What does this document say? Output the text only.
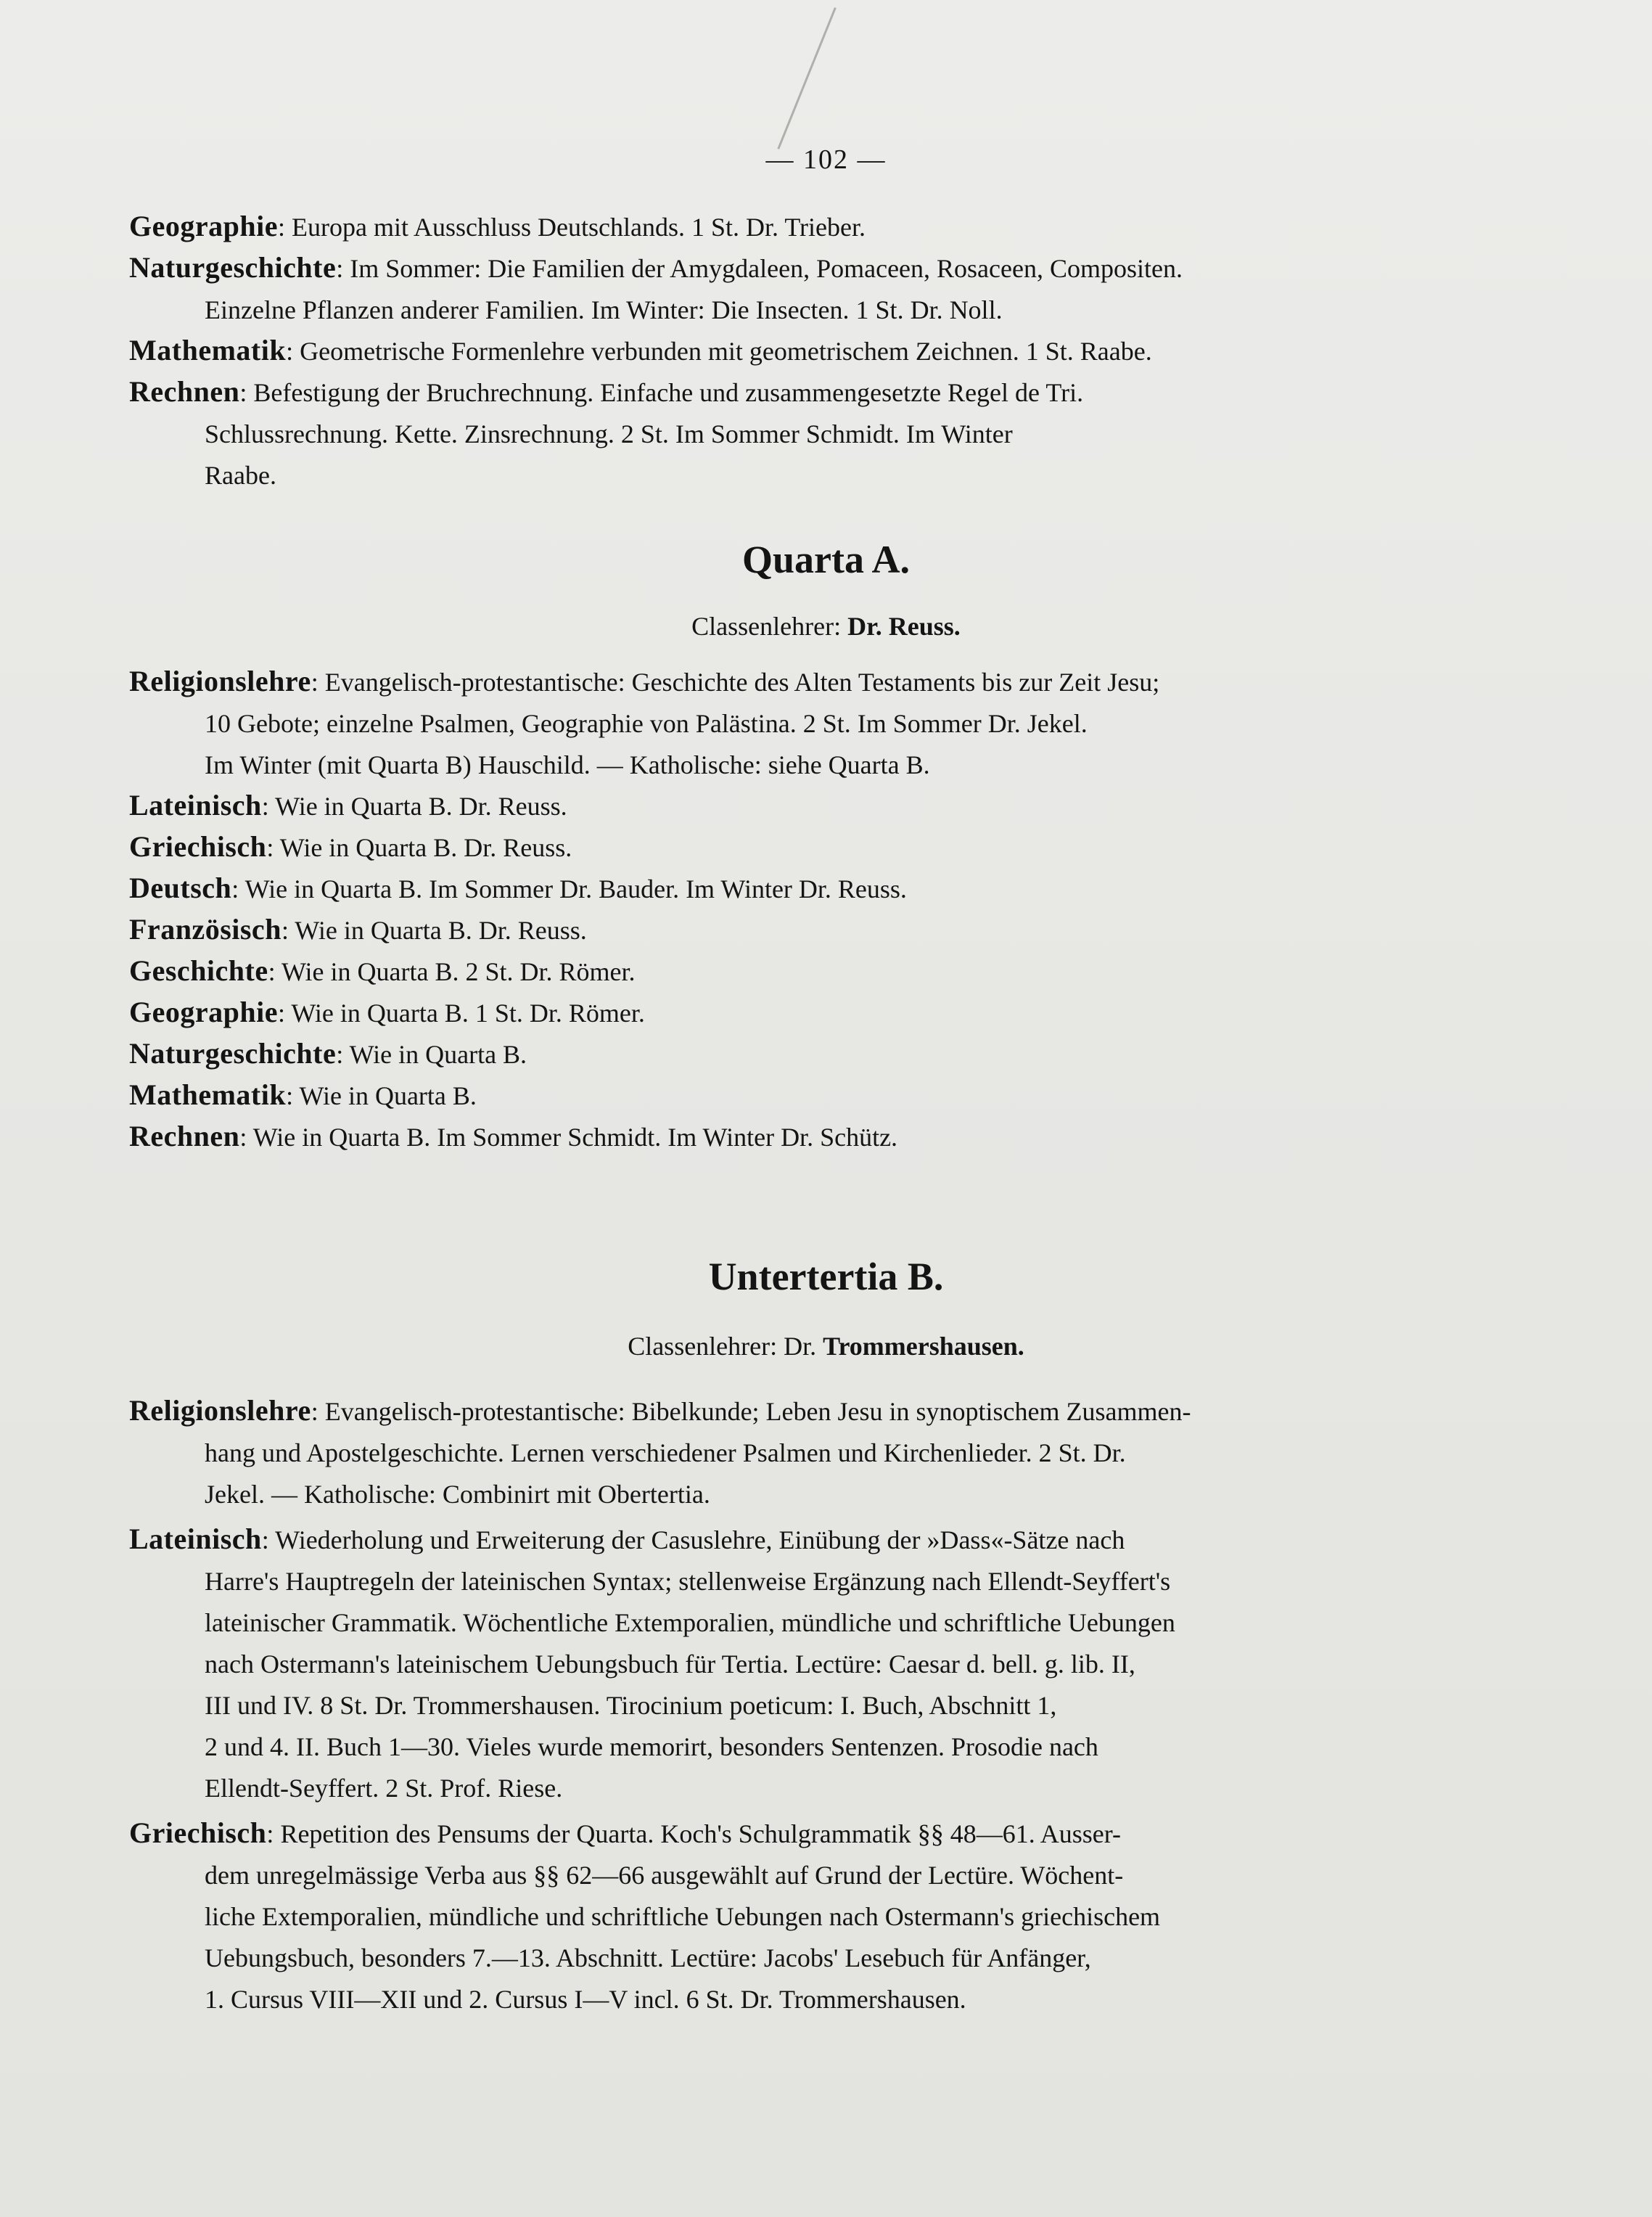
— 102 —
Geographie: Europa mit Ausschluss Deutschlands. 1 St. Dr. Trieber.
Naturgeschichte: Im Sommer: Die Familien der Amygdaleen, Pomaceen, Rosaceen, Compositen.
Einzelne Pflanzen anderer Familien. Im Winter: Die Insecten. 1 St. Dr. Noll.
Mathematik: Geometrische Formenlehre verbunden mit geometrischem Zeichnen. 1 St. Raabe.
Rechnen: Befestigung der Bruchrechnung. Einfache und zusammengesetzte Regel de Tri.
Schlussrechnung. Kette. Zinsrechnung. 2 St. Im Sommer Schmidt. Im Winter
Raabe.
Quarta A.
Classenlehrer: Dr. Reuss.
Religionslehre: Evangelisch-protestantische: Geschichte des Alten Testaments bis zur Zeit Jesu;
10 Gebote; einzelne Psalmen, Geographie von Palästina. 2 St. Im Sommer Dr. Jekel.
Im Winter (mit Quarta B) Hauschild. — Katholische: siehe Quarta B.
Lateinisch: Wie in Quarta B. Dr. Reuss.
Griechisch: Wie in Quarta B. Dr. Reuss.
Deutsch: Wie in Quarta B. Im Sommer Dr. Bauder. Im Winter Dr. Reuss.
Französisch: Wie in Quarta B. Dr. Reuss.
Geschichte: Wie in Quarta B. 2 St. Dr. Römer.
Geographie: Wie in Quarta B. 1 St. Dr. Römer.
Naturgeschichte: Wie in Quarta B.
Mathematik: Wie in Quarta B.
Rechnen: Wie in Quarta B. Im Sommer Schmidt. Im Winter Dr. Schütz.
Untertertia B.
Classenlehrer: Dr. Trommershausen.
Religionslehre: Evangelisch-protestantische: Bibelkunde; Leben Jesu in synoptischem Zusammen-
hang und Apostelgeschichte. Lernen verschiedener Psalmen und Kirchenlieder. 2 St. Dr.
Jekel. — Katholische: Combinirt mit Obertertia.
Lateinisch: Wiederholung und Erweiterung der Casuslehre, Einübung der »Dass«-Sätze nach
Harre's Hauptregeln der lateinischen Syntax; stellenweise Ergänzung nach Ellendt-Seyffert's
lateinischer Grammatik. Wöchentliche Extemporalien, mündliche und schriftliche Uebungen
nach Ostermann's lateinischem Uebungsbuch für Tertia. Lectüre: Caesar d. bell. g. lib. II,
III und IV. 8 St. Dr. Trommershausen. Tirocinium poeticum: I. Buch, Abschnitt 1,
2 und 4. II. Buch 1—30. Vieles wurde memorirt, besonders Sentenzen. Prosodie nach
Ellendt-Seyffert. 2 St. Prof. Riese.
Griechisch: Repetition des Pensums der Quarta. Koch's Schulgrammatik §§ 48—61. Ausser-
dem unregelmässige Verba aus §§ 62—66 ausgewählt auf Grund der Lectüre. Wöchent-
liche Extemporalien, mündliche und schriftliche Uebungen nach Ostermann's griechischem
Uebungsbuch, besonders 7.—13. Abschnitt. Lectüre: Jacobs' Lesebuch für Anfänger,
1. Cursus VIII—XII und 2. Cursus I—V incl. 6 St. Dr. Trommershausen.
